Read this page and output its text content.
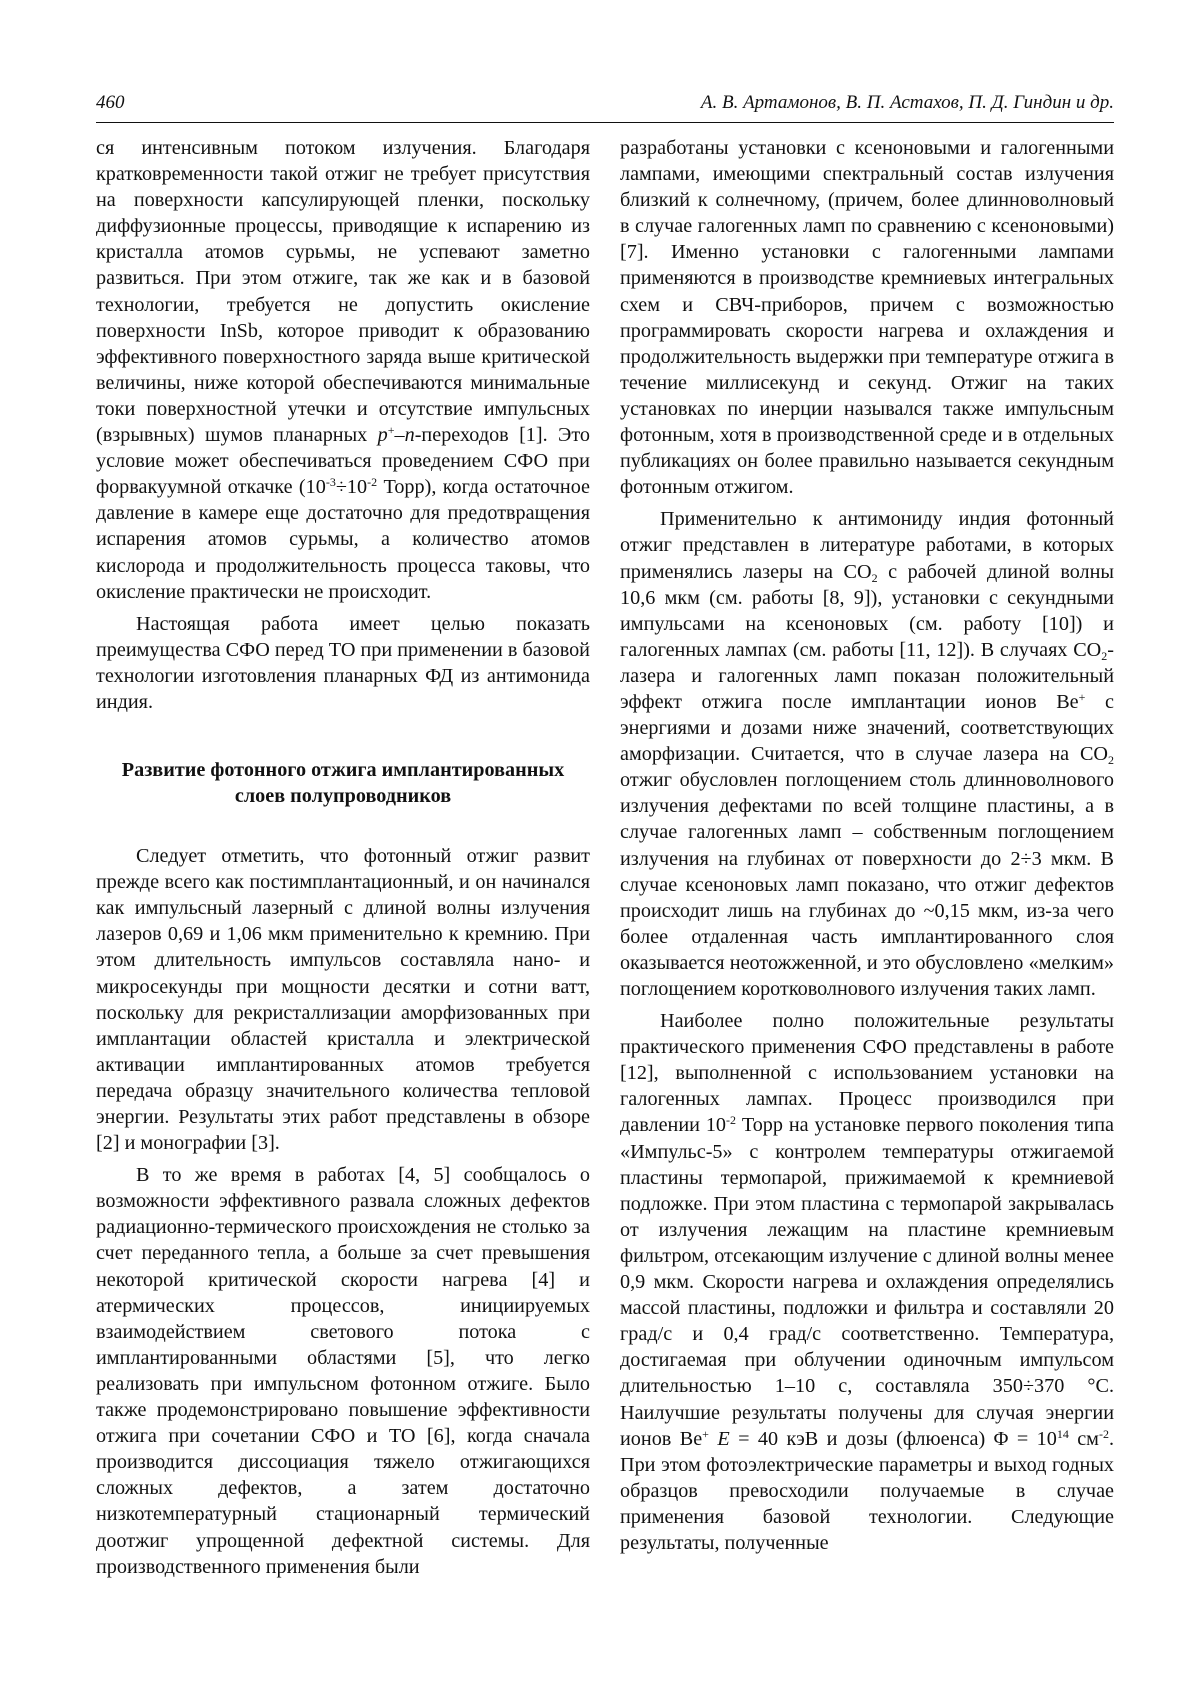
460	А. В. Артамонов, В. П. Астахов, П. Д. Гиндин и др.

ся интенсивным потоком излучения. Благодаря кратковременности такой отжиг не требует присутствия на поверхности капсулирующей пленки, поскольку диффузионные процессы, приводящие к испарению из кристалла атомов сурьмы, не успевают заметно развиться. При этом отжиге, так же как и в базовой технологии, требуется не допустить окисление поверхности InSb, которое приводит к образованию эффективного поверхностного заряда выше критической величины, ниже которой обеспечиваются минимальные токи поверхностной утечки и отсутствие импульсных (взрывных) шумов планарных p+–n-переходов [1]. Это условие может обеспечиваться проведением СФО при форвакуумной откачке ($10^{-3}\div 10^{-2}$ Торр), когда остаточное давление в камере еще достаточно для предотвращения испарения атомов сурьмы, а количество атомов кислорода и продолжительность процесса таковы, что окисление практически не происходит.

Настоящая работа имеет целью показать преимущества СФО перед ТО при применении в базовой технологии изготовления планарных ФД из антимонида индия.

Развитие фотонного отжига имплантированных слоев полупроводников

Следует отметить, что фотонный отжиг развит прежде всего как постимплантационный, и он начинался как импульсный лазерный с длиной волны излучения лазеров 0,69 и 1,06 мкм применительно к кремнию. При этом длительность импульсов составляла нано- и микросекунды при мощности десятки и сотни ватт, поскольку для рекристаллизации аморфизованных при имплантации областей кристалла и электрической активации имплантированных атомов требуется передача образцу значительного количества тепловой энергии. Результаты этих работ представлены в обзоре [2] и монографии [3].

В то же время в работах [4, 5] сообщалось о возможности эффективного развала сложных дефектов радиационно-термического происхождения не столько за счет переданного тепла, а больше за счет превышения некоторой критической скорости нагрева [4] и атермических процессов, инициируемых взаимодействием светового потока с имплантированными областями [5], что легко реализовать при импульсном фотонном отжиге. Было также продемонстрировано повышение эффективности отжига при сочетании СФО и ТО [6], когда сначала производится диссоциация тяжело отжигающихся сложных дефектов, а затем достаточно низкотемпературный стационарный термический доотжиг упрощенной дефектной системы. Для производственного применения были

разработаны установки с ксеноновыми и галогенными лампами, имеющими спектральный состав излучения близкий к солнечному, (причем, более длинноволновый в случае галогенных ламп по сравнению с ксеноновыми) [7]. Именно установки с галогенными лампами применяются в производстве кремниевых интегральных схем и СВЧ-приборов, причем с возможностью программировать скорости нагрева и охлаждения и продолжительность выдержки при температуре отжига в течение миллисекунд и секунд. Отжиг на таких установках по инерции назывался также импульсным фотонным, хотя в производственной среде и в отдельных публикациях он более правильно называется секундным фотонным отжигом.

Применительно к антимониду индия фотонный отжиг представлен в литературе работами, в которых применялись лазеры на $CO_2$ с рабочей длиной волны 10,6 мкм (см. работы [8, 9]), установки с секундными импульсами на ксеноновых (см. работу [10]) и галогенных лампах (см. работы [11, 12]). В случаях $CO_2$-лазера и галогенных ламп показан положительный эффект отжига после имплантации ионов Be+ с энергиями и дозами ниже значений, соответствующих аморфизации. Считается, что в случае лазера на $CO_2$ отжиг обусловлен поглощением столь длинноволнового излучения дефектами по всей толщине пластины, а в случае галогенных ламп – собственным поглощением излучения на глубинах от поверхности до 2÷3 мкм. В случае ксеноновых ламп показано, что отжиг дефектов происходит лишь на глубинах до ~0,15 мкм, из-за чего более отдаленная часть имплантированного слоя оказывается неотожженной, и это обусловлено «мелким» поглощением коротковолнового излучения таких ламп.

Наиболее полно положительные результаты практического применения СФО представлены в работе [12], выполненной с использованием установки на галогенных лампах. Процесс производился при давлении $10^{-2}$ Торр на установке первого поколения типа «Импульс-5» с контролем температуры отжигаемой пластины термопарой, прижимаемой к кремниевой подложке. При этом пластина с термопарой закрывалась от излучения лежащим на пластине кремниевым фильтром, отсекающим излучение с длиной волны менее 0,9 мкм. Скорости нагрева и охлаждения определялись массой пластины, подложки и фильтра и составляли 20 град/с и 0,4 град/с соответственно. Температура, достигаемая при облучении одиночным импульсом длительностью 1–10 с, составляла 350÷370 °C. Наилучшие результаты получены для случая энергии ионов Be+ E = 40 кэВ и дозы (флюенса) $\Phi = 10^{14}$ $см^{-2}$. При этом фотоэлектрические параметры и выход годных образцов превосходили получаемые в случае применения базовой технологии. Следующие результаты, полученные
